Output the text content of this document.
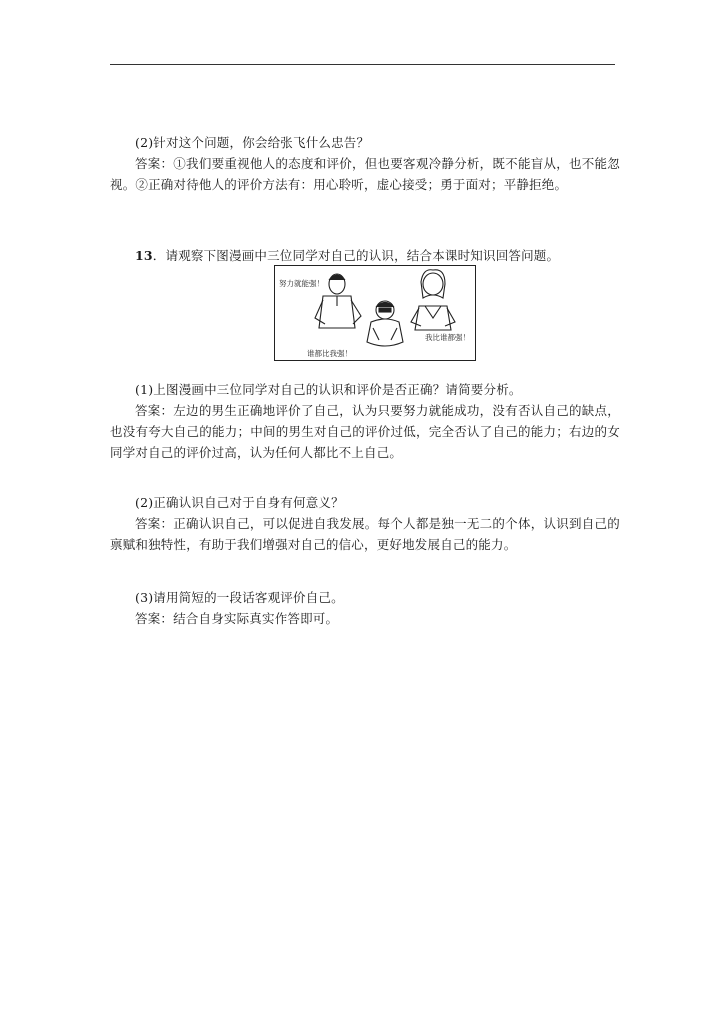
(2)针对这个问题，你会给张飞什么忠告？

答案：①我们要重视他人的态度和评价，但也要客观冷静分析，既不能盲从，也不能忽视。②正确对待他人的评价方法有：用心聆听，虚心接受；勇于面对；平静拒绝。

13．请观察下图漫画中三位同学对自己的认识，结合本课时知识回答问题。

努力就能强！
谁都比我强！
我比谁都强！

(1)上图漫画中三位同学对自己的认识和评价是否正确？请简要分析。

答案：左边的男生正确地评价了自己，认为只要努力就能成功，没有否认自己的缺点，也没有夸大自己的能力；中间的男生对自己的评价过低，完全否认了自己的能力；右边的女同学对自己的评价过高，认为任何人都比不上自己。

(2)正确认识自己对于自身有何意义？

答案：正确认识自己，可以促进自我发展。每个人都是独一无二的个体，认识到自己的禀赋和独特性，有助于我们增强对自己的信心，更好地发展自己的能力。

(3)请用简短的一段话客观评价自己。

答案：结合自身实际真实作答即可。
